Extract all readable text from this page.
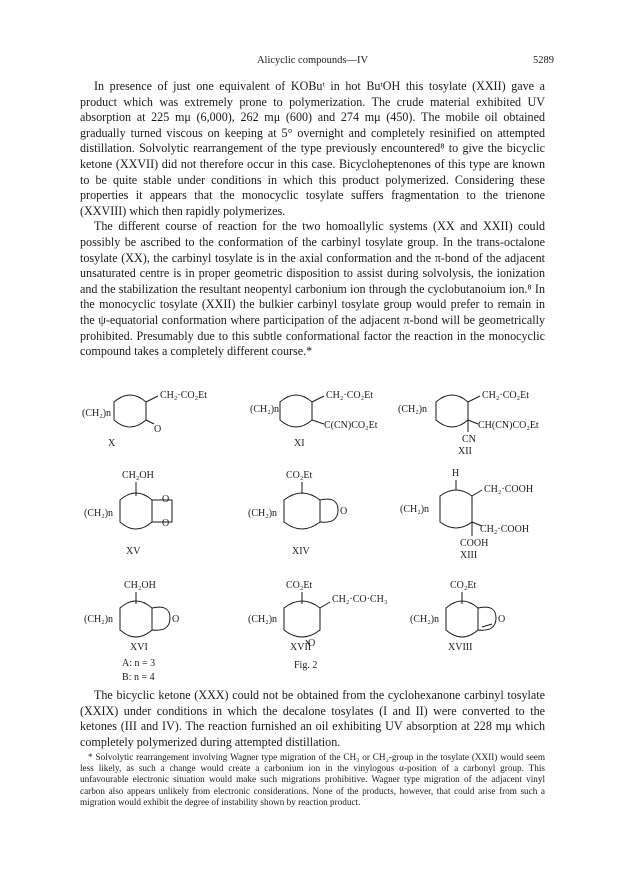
Alicyclic compounds—IV	5289

In presence of just one equivalent of KOBuᵗ in hot BuᵗOH this tosylate (XXII) gave a product which was extremely prone to polymerization. The crude material exhibited UV absorption at 225 mμ (6,000), 262 mμ (600) and 274 mμ (450). The mobile oil obtained gradually turned viscous on keeping at 5° overnight and completely resinified on attempted distillation. Solvolytic rearrangement of the type previously encountered⁸ to give the bicyclic ketone (XXVII) did not therefore occur in this case. Bicycloheptenones of this type are known to be quite stable under conditions in which this product polymerized. Considering these properties it appears that the monocyclic tosylate suffers fragmentation to the trienone (XXVIII) which then rapidly polymerizes.

The different course of reaction for the two homoallylic systems (XX and XXII) could possibly be ascribed to the conformation of the carbinyl tosylate group. In the trans-octalone tosylate (XX), the carbinyl tosylate is in the axial conformation and the π-bond of the adjacent unsaturated centre is in proper geometric disposition to assist during solvolysis, the ionization and the stabilization the resultant neopentyl carbonium ion through the cyclobutanoium ion.⁸ In the monocyclic tosylate (XXII) the bulkier carbinyl tosylate group would prefer to remain in the ψ-equatorial conformation where participation of the adjacent π-bond will be geometrically prohibited. Presumably due to this subtle conformational factor the reaction in the monocyclic compound takes a completely different course.*

CH₂·CO₂Et
(CH₂)n
O
X
CH₂·CO₂Et
(CH₂)n
C(CN)CO₂Et
XI
CH₂·CO₂Et
(CH₂)n
CH(CN)CO₂Et
CN
XII
CH₂OH
O
O
(CH₂)n
XV
CO₂Et
O
(CH₂)n
XIV
H
CH₂·COOH
CH₂·COOH
COOH
(CH₂)n
XIII
CH₂OH
O
(CH₂)n
XVI
A: n = 3
B: n = 4
CO₂Et
CH₂·CO·CH₃
O
(CH₂)n
XVII
CO₂Et
O
(CH₂)n
XVIII
Fig. 2

The bicyclic ketone (XXX) could not be obtained from the cyclohexanone carbinyl tosylate (XXIX) under conditions in which the decalone tosylates (I and II) were converted to the ketones (III and IV). The reaction furnished an oil exhibiting UV absorption at 228 mμ which completely polymerized during attempted distillation.

* Solvolytic rearrangement involving Wagner type migration of the CH₃ or CH₂-group in the tosylate (XXII) would seem less likely, as such a change would create a carbonium ion in the vinylogous α-position of a carbonyl group. This unfavourable electronic situation would make such migrations prohibitive. Wagner type migration of the adjacent vinyl carbon also appears unlikely from electronic considerations. None of the products, however, that could arise from such a migration would exhibit the degree of instability shown by reaction product.
